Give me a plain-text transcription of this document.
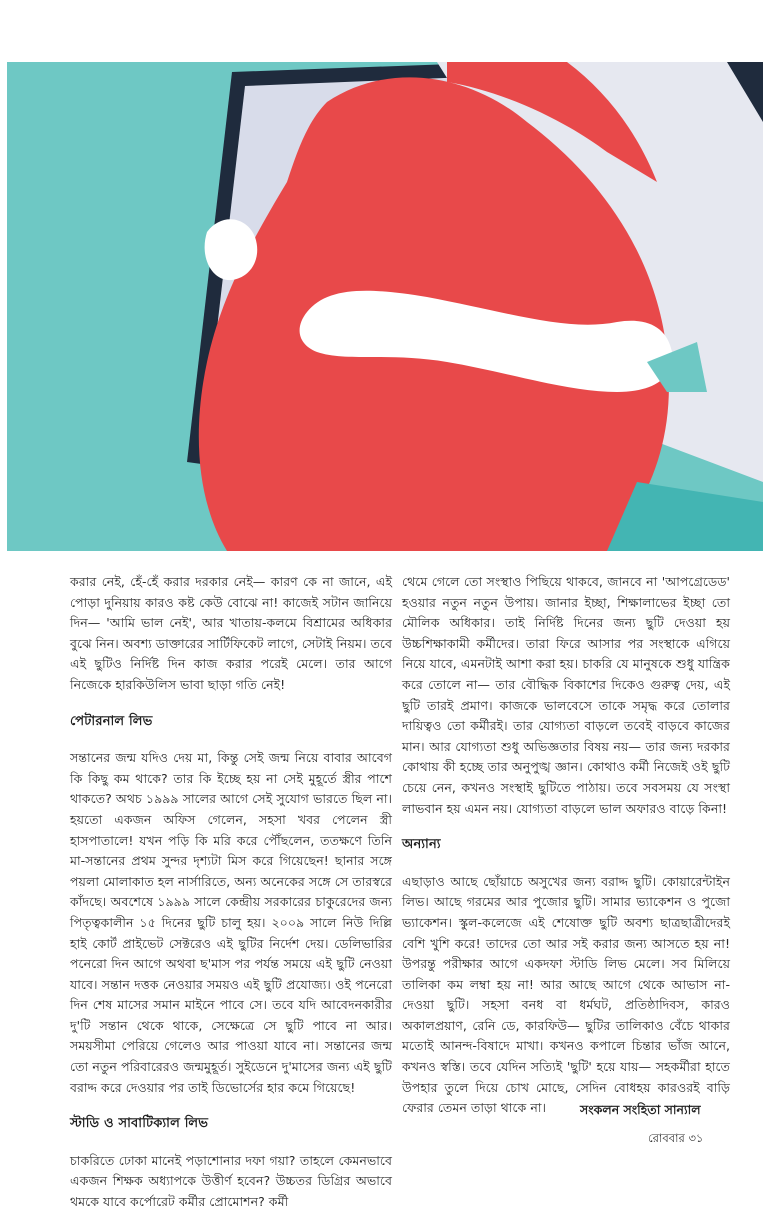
করার নেই, হেঁ-হেঁ করার দরকার নেই— কারণ কে না জানে, এই পোড়া দুনিয়ায় কারও কষ্ট কেউ বোঝে না! কাজেই সটান জানিয়ে দিন— 'আমি ভাল নেই', আর খাতায়-কলমে বিশ্রামের অধিকার বুঝে নিন। অবশ্য ডাক্তারের সার্টিফিকেট লাগে, সেটাই নিয়ম। তবে এই ছুটিও নির্দিষ্ট দিন কাজ করার পরেই মেলে। তার আগে নিজেকে হারকিউলিস ভাবা ছাড়া গতি নেই!

পেটারনাল লিভ

সন্তানের জন্ম যদিও দেয় মা, কিন্তু সেই জন্ম নিয়ে বাবার আবেগ কি কিছু কম থাকে? তার কি ইচ্ছে হয় না সেই মুহূর্তে স্ত্রীর পাশে থাকতে? অথচ ১৯৯৯ সালের আগে সেই সুযোগ ভারতে ছিল না। হয়তো একজন অফিস গেলেন, সহসা খবর পেলেন স্ত্রী হাসপাতালে! যখন পড়ি কি মরি করে পৌঁছলেন, ততক্ষণে তিনি মা-সন্তানের প্রথম সুন্দর দৃশ্যটা মিস করে গিয়েছেন! ছানার সঙ্গে পয়লা মোলাকাত হল নার্সারিতে, অন্য অনেকের সঙ্গে সে তারস্বরে কাঁদছে। অবশেষে ১৯৯৯ সালে কেন্দ্রীয় সরকারের চাকুরেদের জন্য পিতৃত্বকালীন ১৫ দিনের ছুটি চালু হয়। ২০০৯ সালে নিউ দিল্লি হাই কোর্ট প্রাইভেট সেক্টরেও এই ছুটির নির্দেশ দেয়। ডেলিভারির পনেরো দিন আগে অথবা ছ'মাস পর পর্যন্ত সময়ে এই ছুটি নেওয়া যাবে। সন্তান দত্তক নেওয়ার সময়ও এই ছুটি প্রযোজ্য। ওই পনেরো দিন শেষ মাসের সমান মাইনে পাবে সে। তবে যদি আবেদনকারীর দু'টি সন্তান থেকে থাকে, সেক্ষেত্রে সে ছুটি পাবে না আর। সময়সীমা পেরিয়ে গেলেও আর পাওয়া যাবে না। সন্তানের জন্ম তো নতুন পরিবারেরও জন্মমুহূর্ত। সুইডেনে দু'মাসের জন্য এই ছুটি বরাদ্দ করে দেওয়ার পর তাই ডিভোর্সের হার কমে গিয়েছে!

স্টাডি ও সাবাটিক্যাল লিভ

চাকরিতে ঢোকা মানেই পড়াশোনার দফা গয়া? তাহলে কেমনভাবে একজন শিক্ষক অধ্যাপকে উত্তীর্ণ হবেন? উচ্চতর ডিগ্রির অভাবে থমকে যাবে কর্পোরেট কর্মীর প্রোমোশন? কর্মী

থেমে গেলে তো সংস্থাও পিছিয়ে থাকবে, জানবে না 'আপগ্রেডেড' হওয়ার নতুন নতুন উপায়। জানার ইচ্ছা, শিক্ষালাভের ইচ্ছা তো মৌলিক অধিকার। তাই নির্দিষ্ট দিনের জন্য ছুটি দেওয়া হয় উচ্চশিক্ষাকামী কর্মীদের। তারা ফিরে আসার পর সংস্থাকে এগিয়ে নিয়ে যাবে, এমনটাই আশা করা হয়। চাকরি যে মানুষকে শুধু যান্ত্রিক করে তোলে না— তার বৌদ্ধিক বিকাশের দিকেও গুরুত্ব দেয়, এই ছুটি তারই প্রমাণ। কাজকে ভালবেসে তাকে সমৃদ্ধ করে তোলার দায়িত্বও তো কর্মীরই। তার যোগ্যতা বাড়লে তবেই বাড়বে কাজের মান। আর যোগ্যতা শুধু অভিজ্ঞতার বিষয় নয়— তার জন্য দরকার কোথায় কী হচ্ছে তার অনুপুঙ্খ জ্ঞান। কোথাও কর্মী নিজেই ওই ছুটি চেয়ে নেন, কখনও সংস্থাই ছুটিতে পাঠায়। তবে সবসময় যে সংস্থা লাভবান হয় এমন নয়। যোগ্যতা বাড়লে ভাল অফারও বাড়ে কিনা!

অন্যান্য

এছাড়াও আছে ছোঁয়াচে অসুখের জন্য বরাদ্দ ছুটি। কোয়ারেন্টাইন লিভ। আছে গরমের আর পুজোর ছুটি। সামার ভ্যাকেশন ও পুজো ভ্যাকেশন। স্কুল-কলেজে এই শেষোক্ত ছুটি অবশ্য ছাত্রছাত্রীদেরই বেশি খুশি করে! তাদের তো আর সই করার জন্য আসতে হয় না! উপরন্তু পরীক্ষার আগে একদফা স্টাডি লিভ মেলে। সব মিলিয়ে তালিকা কম লম্বা হয় না! আর আছে আগে থেকে আভাস না-দেওয়া ছুটি। সহসা বনধ বা ধর্মঘট, প্রতিষ্ঠাদিবস, কারও অকালপ্রয়াণ, রেনি ডে, কারফিউ— ছুটির তালিকাও বেঁচে থাকার মতোই আনন্দ-বিষাদে মাখা। কখনও কপালে চিন্তার ভাঁজ আনে, কখনও স্বস্তি। তবে যেদিন সত্যিই 'ছুটি' হয়ে যায়— সহকর্মীরা হাতে উপহার তুলে দিয়ে চোখ মোছে, সেদিন বোধহয় কারওরই বাড়ি ফেরার তেমন তাড়া থাকে না।	সংকলন সংহিতা সান্যাল
রোববার ৩১
